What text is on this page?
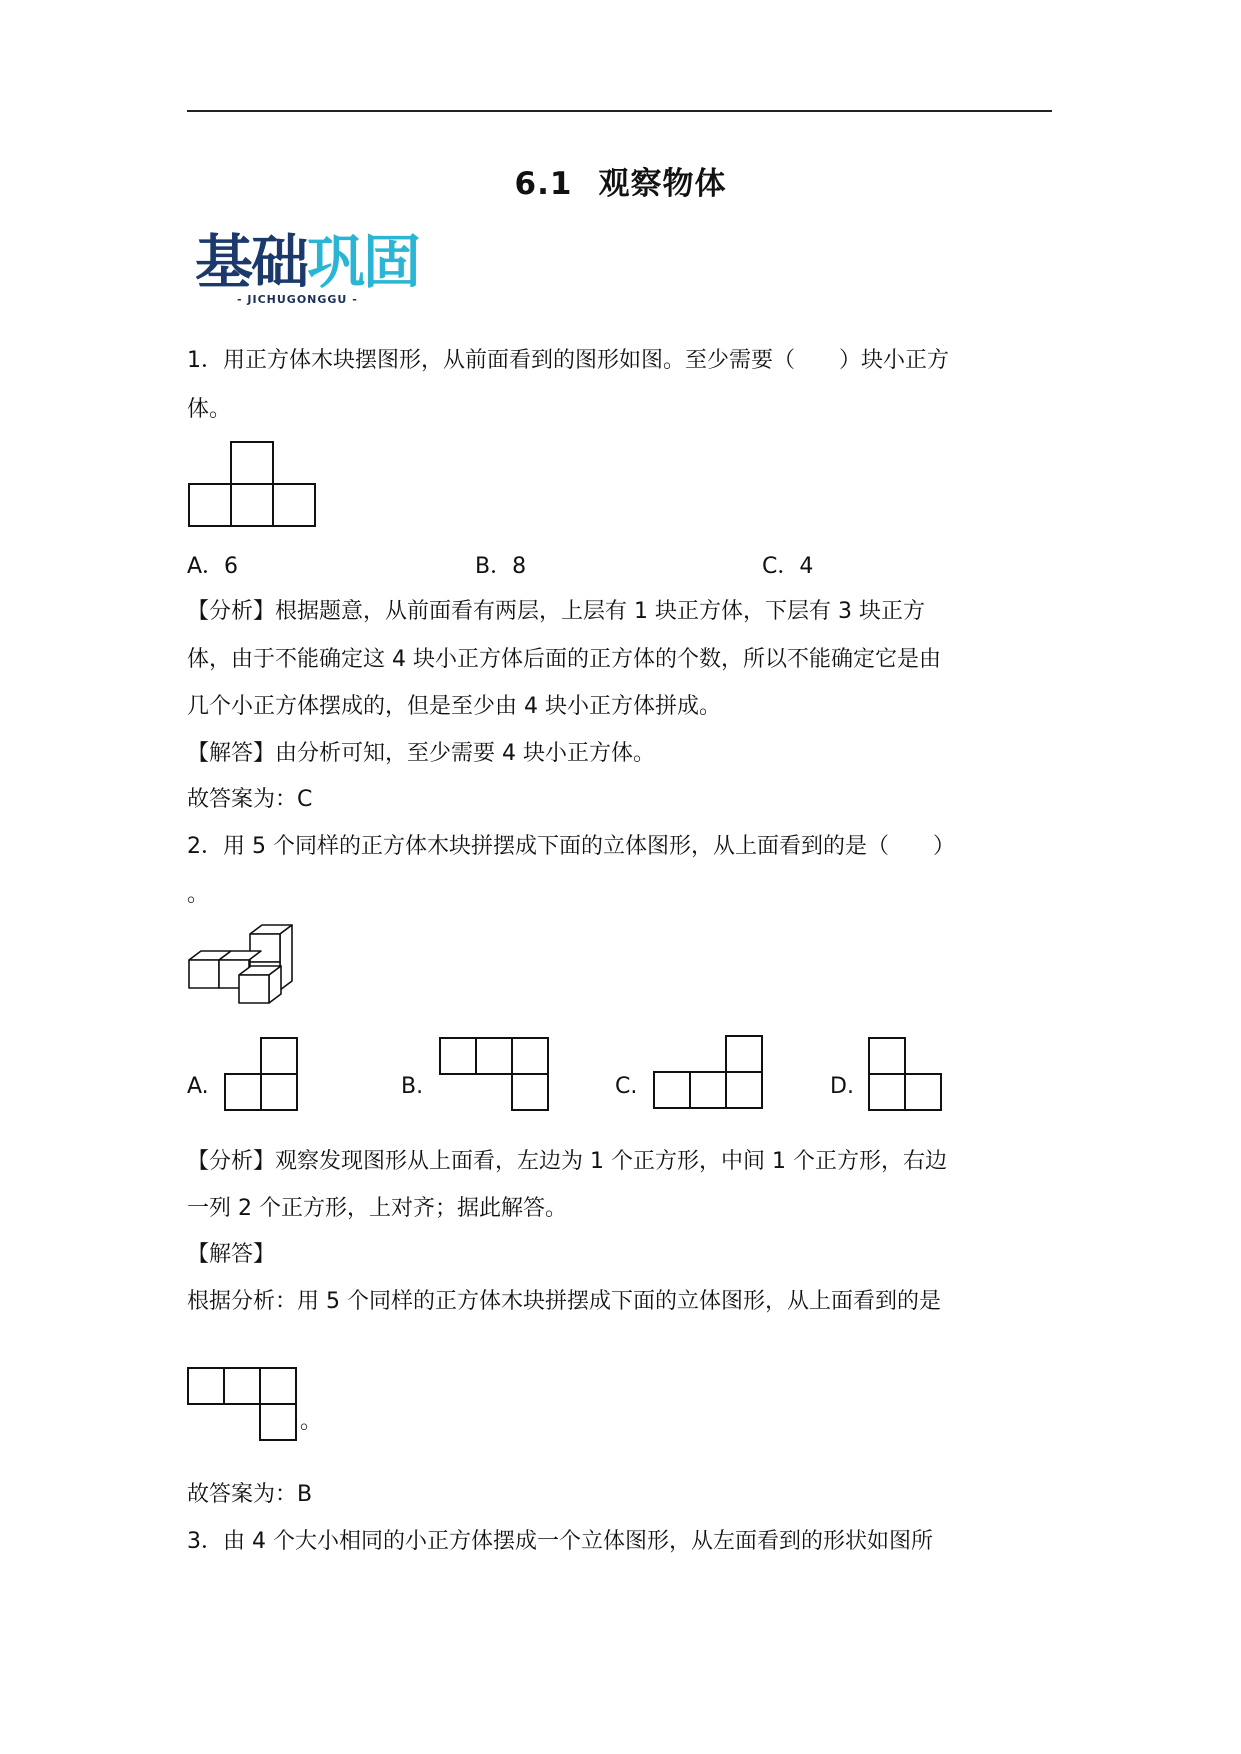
6.1 观察物体
基础巩固
- JICHUGONGGU -
1．用正方体木块摆图形，从前面看到的图形如图。至少需要（　　）块小正方
体。
A．6	B．8	C．4
【分析】根据题意，从前面看有两层，上层有 1 块正方体，下层有 3 块正方
体，由于不能确定这 4 块小正方体后面的正方体的个数，所以不能确定它是由
几个小正方体摆成的，但是至少由 4 块小正方体拼成。
【解答】由分析可知，至少需要 4 块小正方体。
故答案为：C
2．用 5 个同样的正方体木块拼摆成下面的立体图形，从上面看到的是（　　）
。
A.	B.	C.	D.
【分析】观察发现图形从上面看，左边为 1 个正方形，中间 1 个正方形，右边
一列 2 个正方形，上对齐；据此解答。
【解答】
根据分析：用 5 个同样的正方体木块拼摆成下面的立体图形，从上面看到的是
。
故答案为：B
3．由 4 个大小相同的小正方体摆成一个立体图形，从左面看到的形状如图所
